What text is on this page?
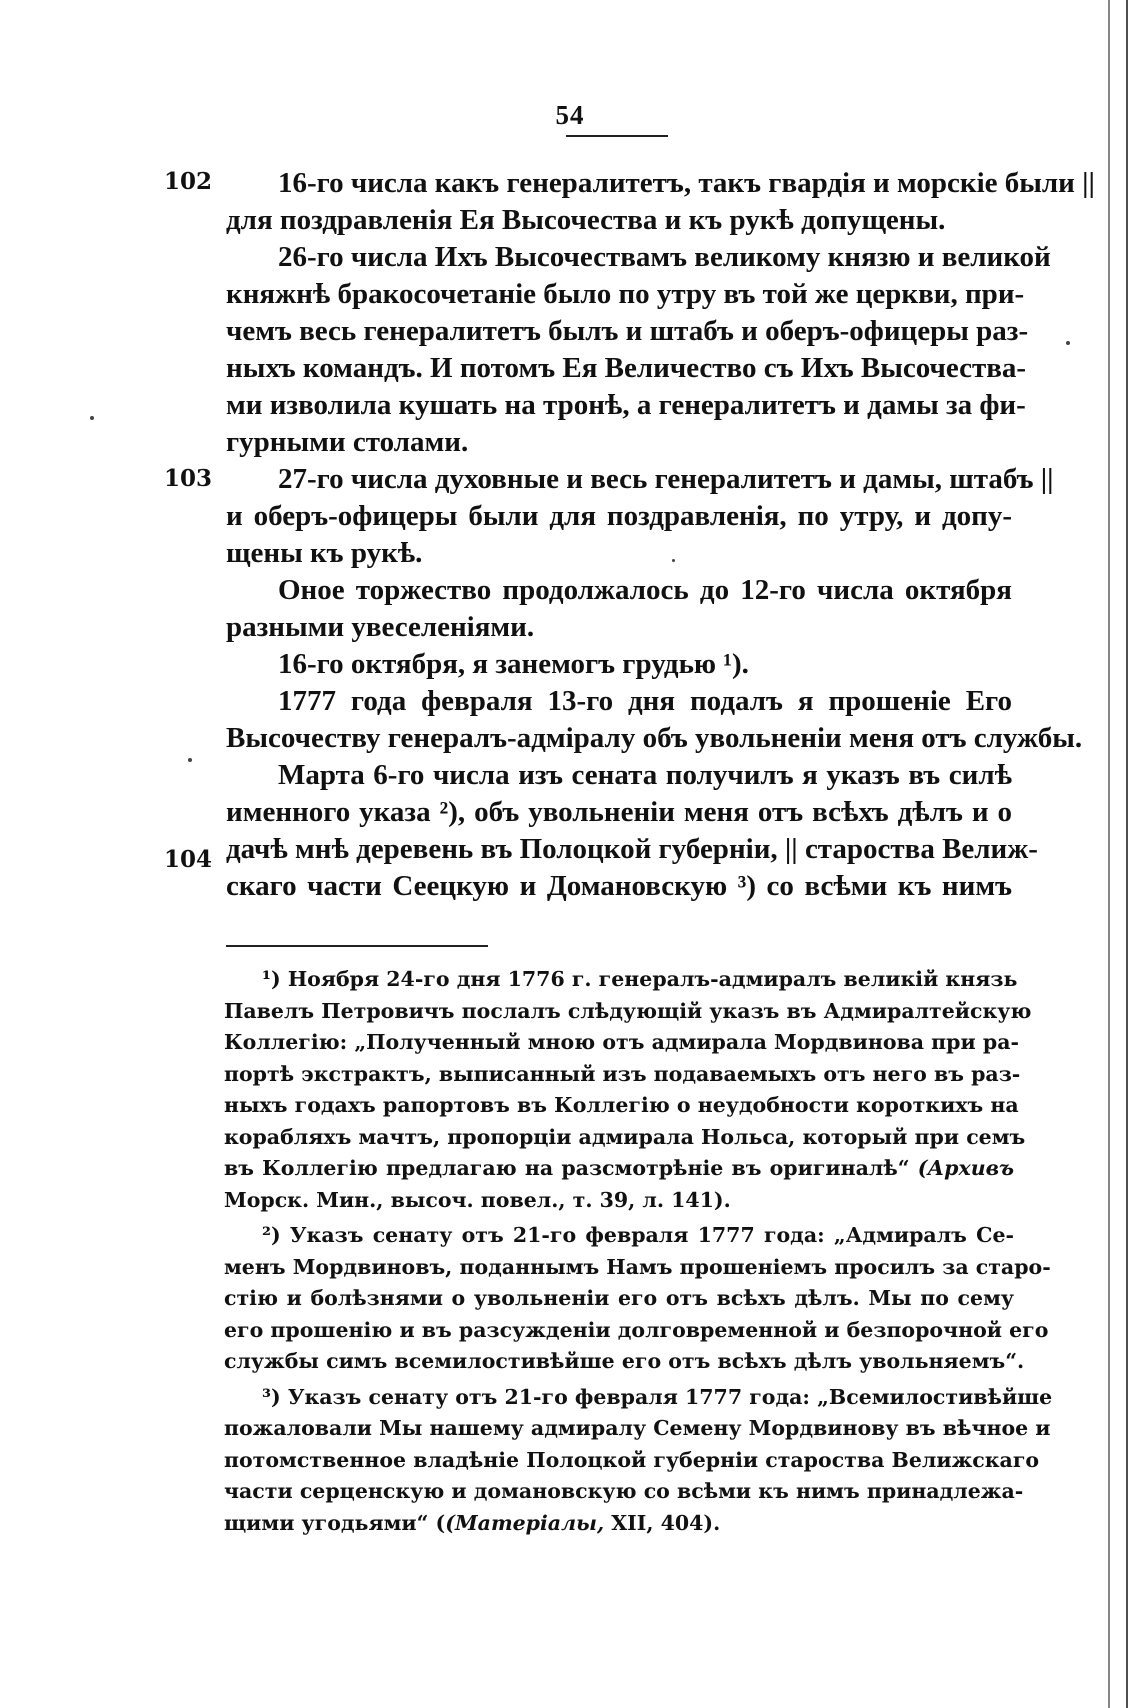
54
102
103
104
16-го числа какъ генералитетъ, такъ гвардія и морскіе были ||
для поздравленія Ея Высочества и къ рукѣ допущены.
26-го числа Ихъ Высочествамъ великому князю и великой
княжнѣ бракосочетаніе было по утру въ той же церкви, при-
чемъ весь генералитетъ былъ и штабъ и оберъ-офицеры раз-
ныхъ командъ. И потомъ Ея Величество съ Ихъ Высочества-
ми изволила кушать на тронѣ, а генералитетъ и дамы за фи-
гурными столами.
27-го числа духовные и весь генералитетъ и дамы, штабъ ||
и оберъ-офицеры были для поздравленія, по утру, и допу-
щены къ рукѣ.
Оное торжество продолжалось до 12-го числа октября
разными увеселеніями.
16-го октября, я занемогъ грудью ¹).
1777 года февраля 13-го дня подалъ я прошеніе Его
Высочеству генералъ-адміралу объ увольненіи меня отъ службы.
Марта 6-го числа изъ сената получилъ я указъ въ силѣ
именного указа ²), объ увольненіи меня отъ всѣхъ дѣлъ и о
дачѣ мнѣ деревень въ Полоцкой губерніи, || староства Велиж-
скаго части Сеецкую и Домановскую ³) со всѣми къ нимъ
¹) Ноября 24-го дня 1776 г. генералъ-адмиралъ великій князь
Павелъ Петровичъ послалъ слѣдующій указъ въ Адмиралтейскую
Коллегію: „Полученный мною отъ адмирала Мордвинова при ра-
портѣ экстрактъ, выписанный изъ подаваемыхъ отъ него въ раз-
ныхъ годахъ рапортовъ въ Коллегію о неудобности короткихъ на
корабляхъ мачтъ, пропорціи адмирала Нольса, который при семъ
въ Коллегію предлагаю на разсмотрѣніе въ оригиналѣ“ (Архивъ
Морск. Мин., высоч. повел., т. 39, л. 141).
²) Указъ сенату отъ 21-го февраля 1777 года: „Адмиралъ Се-
менъ Мордвиновъ, поданнымъ Намъ прошеніемъ просилъ за старо-
стію и болѣзнями о увольненіи его отъ всѣхъ дѣлъ. Мы по сему
его прошенію и въ разсужденіи долговременной и безпорочной его
службы симъ всемилостивѣйше его отъ всѣхъ дѣлъ увольняемъ“.
³) Указъ сенату отъ 21-го февраля 1777 года: „Всемилостивѣйше
пожаловали Мы нашему адмиралу Семену Мордвинову въ вѣчное и
потомственное владѣніе Полоцкой губерніи староства Велижскаго
части серценскую и домановскую со всѣми къ нимъ принадлежа-
щими угодьями“ ((Матеріалы, XII, 404).
